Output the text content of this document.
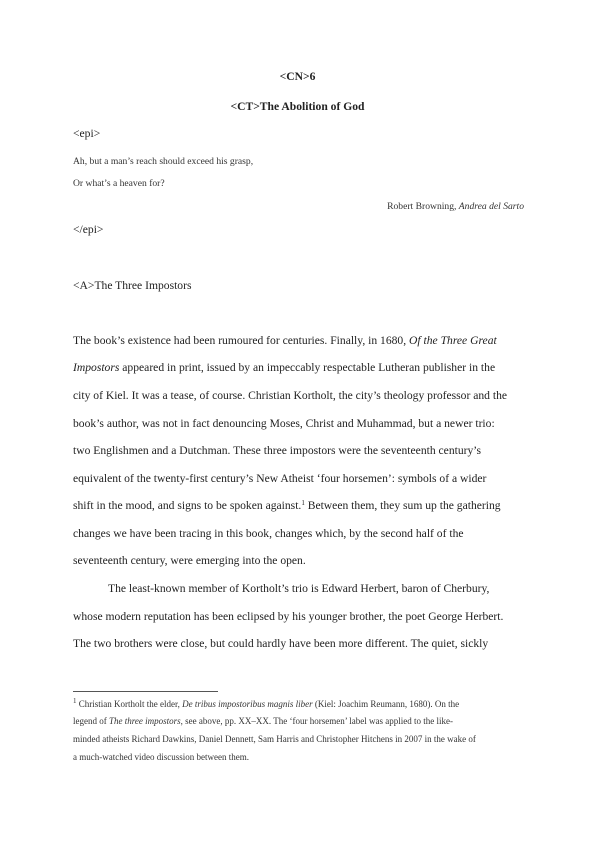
<CN>6
<CT>The Abolition of God
<epi>
Ah, but a man’s reach should exceed his grasp,
Or what’s a heaven for?
Robert Browning, Andrea del Sarto
</epi>
<A>The Three Impostors
The book’s existence had been rumoured for centuries. Finally, in 1680, Of the Three Great
Impostors appeared in print, issued by an impeccably respectable Lutheran publisher in the
city of Kiel. It was a tease, of course. Christian Kortholt, the city’s theology professor and the
book’s author, was not in fact denouncing Moses, Christ and Muhammad, but a newer trio:
two Englishmen and a Dutchman. These three impostors were the seventeenth century’s
equivalent of the twenty-first century’s New Atheist ‘four horsemen’: symbols of a wider
shift in the mood, and signs to be spoken against.$^1$ Between them, they sum up the gathering
changes we have been tracing in this book, changes which, by the second half of the
seventeenth century, were emerging into the open.
The least-known member of Kortholt’s trio is Edward Herbert, baron of Cherbury,
whose modern reputation has been eclipsed by his younger brother, the poet George Herbert.
The two brothers were close, but could hardly have been more different. The quiet, sickly
$^1$ Christian Kortholt the elder, De tribus impostoribus magnis liber (Kiel: Joachim Reumann, 1680). On the
legend of The three impostors, see above, pp. XX–XX. The ‘four horsemen’ label was applied to the like-
minded atheists Richard Dawkins, Daniel Dennett, Sam Harris and Christopher Hitchens in 2007 in the wake of
a much-watched video discussion between them.
